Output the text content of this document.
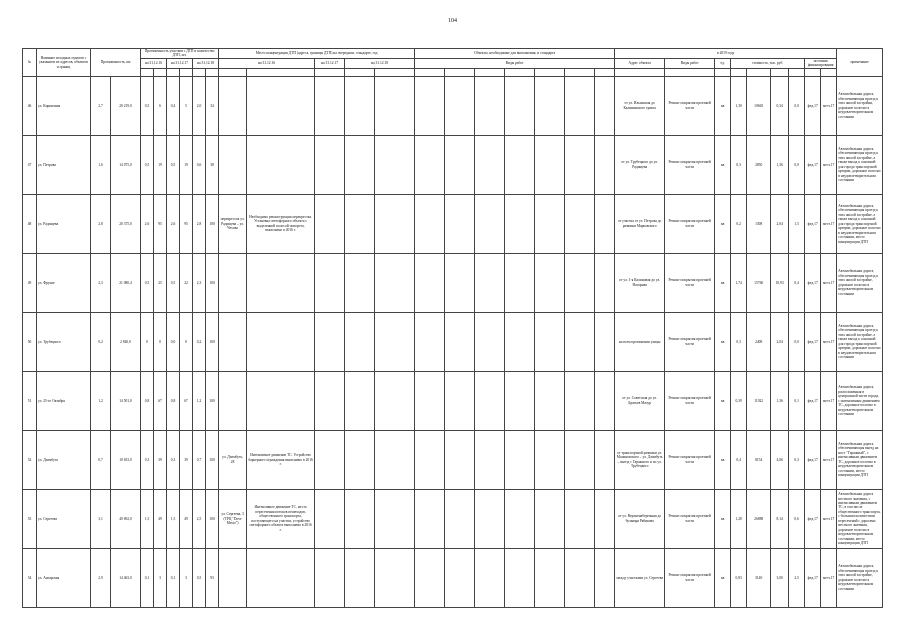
104
№	Название исходных пунктов с указанием их адресов, объектов и границ	Протяженность, км		Протяженность участков с ДТП и количество ДТП, шт.						Место концентрации ДТП (адреса, границы ДТП) на очередном, стандарте, год					Объекты, необходимые для выполнения, и стандарта							в 2019 году									примечание
				на 31.12.16		на 31.12.17		на 31.12.18		на 31.12.16		на 31.12.17	на 31.12.18		Виды работ							Адрес объекта	Виды работ	ед.	стоимость, тыс. руб.				источник финансирования		

46	ул. Кирпичная	2,7	20 219,0	0,5	6	0,4	5	2,0	34													от ул. Ильинская до Калининского тракта	Ремонт покрытия проезжей части	кв	1,30	10665	0,34	0,0	фед.17	мест.17	Автомобильная дорога, обеспечивающая проезд к этих жилой застройки, дорожное полотно в неудовлетворительном состоянии
47	ул. Петрова	1,6	14 075,0	0,5	19	0,5	19	0,6	38													от ул. Трубецкого до ул. Радищева	Ремонт покрытия проезжей части	кв	0,3	2850	1,36	0,0	фед.17	мест.17	Автомобильная дорога, обеспечивающая проезд к этих жилой застройке, а также выход к основной для города транспортной артерии, дорожное полотно в неудовлетворительном состоянии
48	ул. Радищева	2,8	20 375,0	2,6	95	2,6	95	2,8	100	перекресток ул. Радищева – ул. Чехова	Необходимо реконструкция перекрестка. Установка светофорного объекта с выделенной полосой поворота, выполнено в 2016 г.											от участка от ул. Петрова до развязки Марковского	Ремонт покрытия проезжей части	кв	0,2	1308	2,04	1,5	фед.17	мест.17	Автомобильная дорога, обеспечивающая проезд к этих жилой застройке, а также выход к основной для города транспортной артерии, дорожное полотно в неудовлетворительном состоянии, место концентрации ДТП
49	ул. Фрунзе	2,3	21 080,4	0,5	25	0,5	22	2,3	100													от ул. 1-я Калиновая до ул. Нагорная	Ремонт покрытия проезжей части	кв	1,74	15760	10,93	0,4	фед.17	мест.17	Автомобильная дорога, обеспечивающая проезд к этих жилой застройке, дорожное полотно в неудовлетворительном состоянии
50	ул. Трубецкого	0,2	2 840,0	0	0	0,0	0	0,2	100													на всем протяжении улицы	Ремонт покрытия проезжей части	кв	0,3	2408	2,04	0,0	фед.17	мест.17	Автомобильная дорога, обеспечивающая проезд к этих жилой застройке, а также выход к основной для города транспортной артерии, дорожное полотно в неудовлетворительном состоянии
51	ул. 25-го Октября	1,2	14 501,0	0,8	67	0,8	67	1,2	100													от ул. Советская до ул. Братьев Мазур	Ремонт покрытия проезжей части	кв	0,39	11922	1,36	0,1	фед.17	мест.17	Автомобильная дорога, расположенная в центральной части города, с интенсивным движением ТС, дорожное полотно в неудовлетворительном состоянии
52	ул. Дзимбуть	0,7	10 653,0	0,3	39	0,3	39	0,7	100	ул. Дзимбуть, 28	Интенсивное движение ТС. Устройство барьерного ограждения выполнено в 2016 г.											от транспортной развязки ул. Малиновского – ул. Дзимбуть – выезд с Гаражного и по ул. Трубецкого	Ремонт покрытия проезжей части	кв	0,4	8154	4,06	0,3	фед.17	мест.17	Автомобильная дорога, обеспечивающая выезд на мост "Гаражный", с интенсивным движением ТС, дорожное полотно в неудовлетворительном состоянии, место концентрации ДТП
53	ул. Сергеева	3,1	40 692,0	1,5	49	1,5	49	2,5	100	ул. Сергеева, 3 (ТРЦ "Dove Mesto")	Интенсивное движение ТС, место пересечения потоков пешеходов, общественного транспорта, поступающего на участки, устройство светофорного объекта выполнено в 2016 г.											от ул. Верхненабережная до бульвара Рябикова	Ремонт покрытия проезжей части	кв	1,28	26888	8,14	0,6	фед.17	мест.17	Автомобильная дорога местного значения, с интенсивным движением ТС, в том числе общественного транспорта, с большим количеством пересечений с дорогами местного значения, дорожное полотно в неудовлетворительном состоянии, место концентрации ДТП
54	ул. Ангарская	2,9	14 463,0	0,1	3	0,1	3	0,5	93													между участками ул. Сергеева	Ремонт покрытия проезжей части	кв	0,83	3140	3,00	2,5	фед.17	мест.17	Автомобильная дорога, обеспечивающая проезд к этих жилой застройке, дорожное полотно в неудовлетворительном состоянии
